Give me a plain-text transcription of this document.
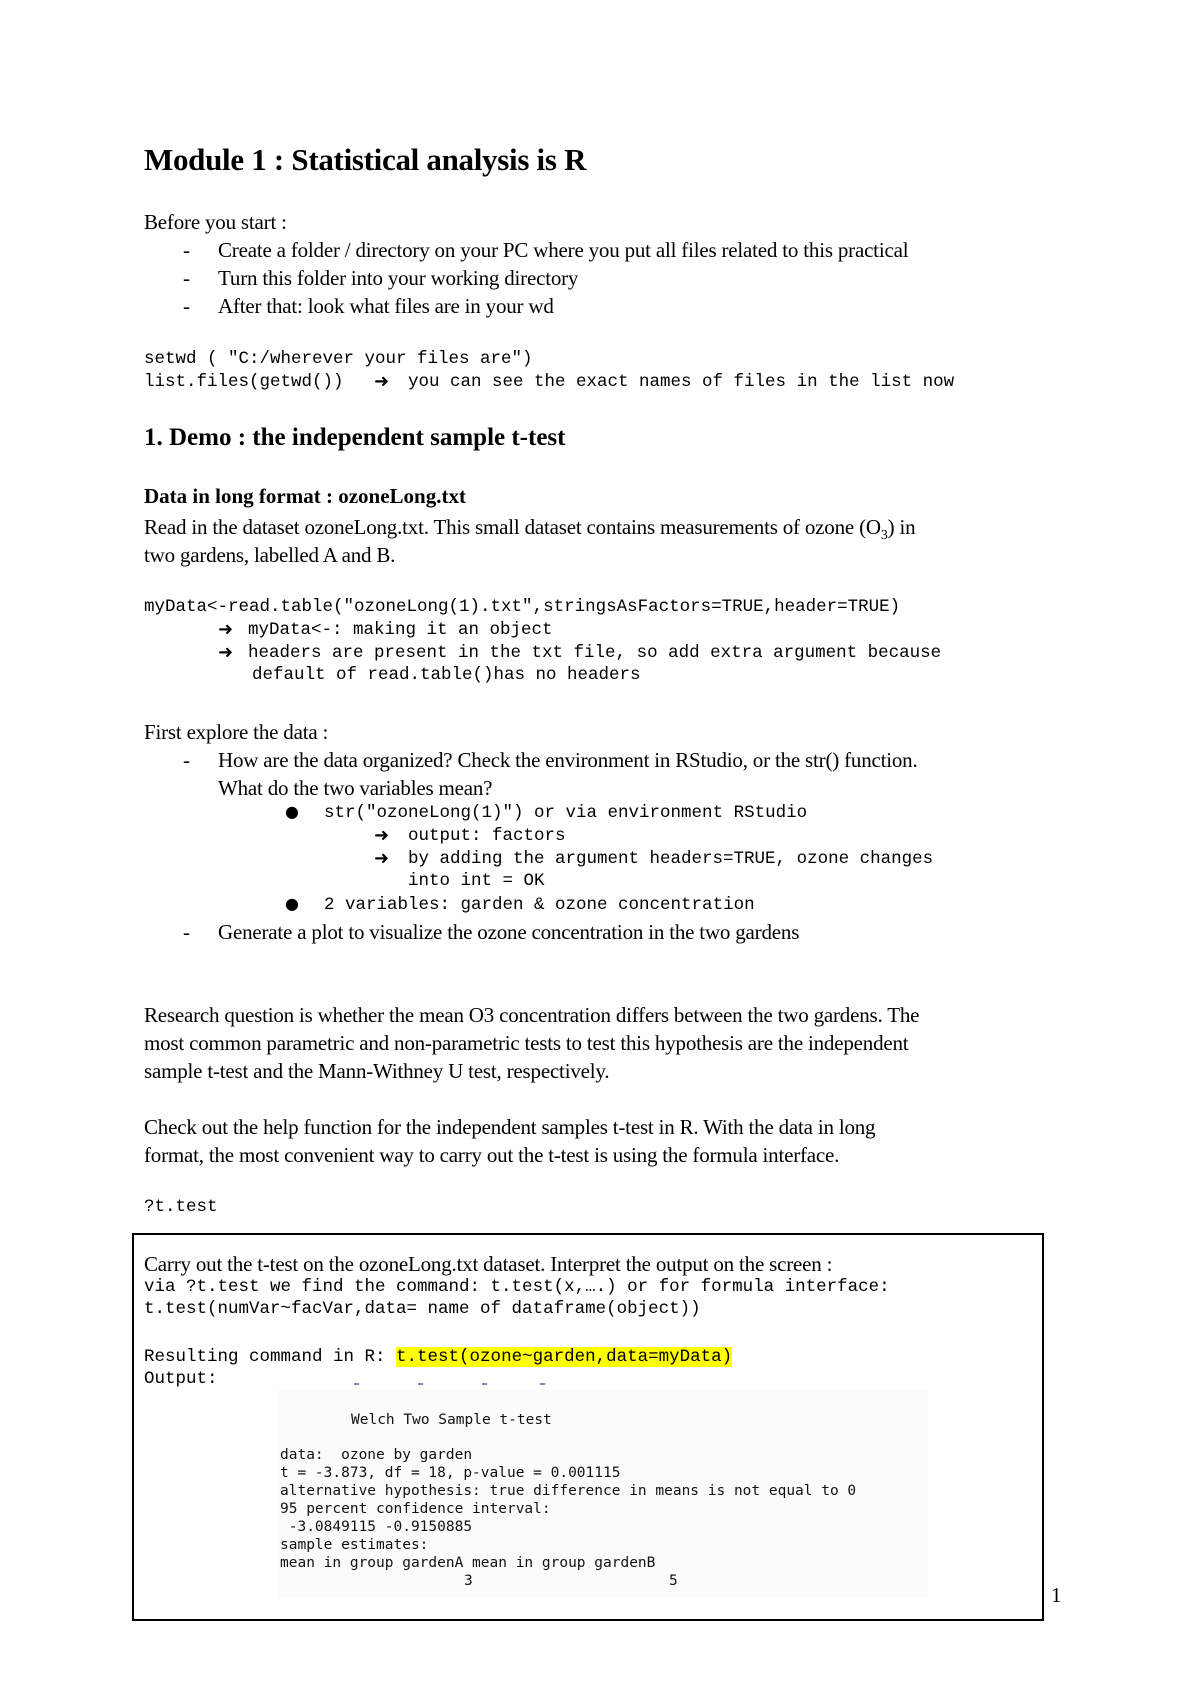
Module 1 : Statistical analysis is R

Before you start :

- Create a folder / directory on your PC where you put all files related to this practical
- Turn this folder into your working directory
- After that: look what files are in your wd
setwd ( "C:/wherever your files are")
list.files(getwd()) ➜ you can see the exact names of files in the list now
1. Demo : the independent sample t-test
Data in long format : ozoneLong.txt

Read in the dataset ozoneLong.txt. This small dataset contains measurements of ozone $(O_3)$ in

two gardens, labelled A and B.

myData<-read.table("ozoneLong(1).txt",stringsAsFactors=TRUE,header=TRUE)
➜ myData<-: making it an object
➜ headers are present in the txt file, so add extra argument because
default of read.table()has no headers

First explore the data :

- How are the data organized? Check the environment in RStudio, or the str() function.

What do the two variables mean?

● str("ozoneLong(1)") or via environment RStudio
➜ output: factors
➜ by adding the argument headers=TRUE, ozone changes
into int = OK
● 2 variables: garden & ozone concentration
- Generate a plot to visualize the ozone concentration in the two gardens

Research question is whether the mean O3 concentration differs between the two gardens. The

most common parametric and non-parametric tests to test this hypothesis are the independent

sample t-test and the Mann-Withney U test, respectively.

Check out the help function for the independent samples t-test in R. With the data in long

format, the most convenient way to carry out the t-test is using the formula interface.

?t.test

Carry out the t-test on the ozoneLong.txt dataset. Interpret the output on the screen :

via ?t.test we find the command: t.test(x,….) or for formula interface:
t.test(numVar~facVar,data= name of dataframe(object))
Resulting command in R: t.test(ozone~garden,data=myData)
Output:
Welch Two Sample t-test
data:  ozone by garden
t = -3.873, df = 18, p-value = 0.001115
alternative hypothesis: true difference in means is not equal to 0
95 percent confidence interval:
-3.0849115 -0.9150885
sample estimates:
mean in group gardenA mean in group gardenB
3	5
1
